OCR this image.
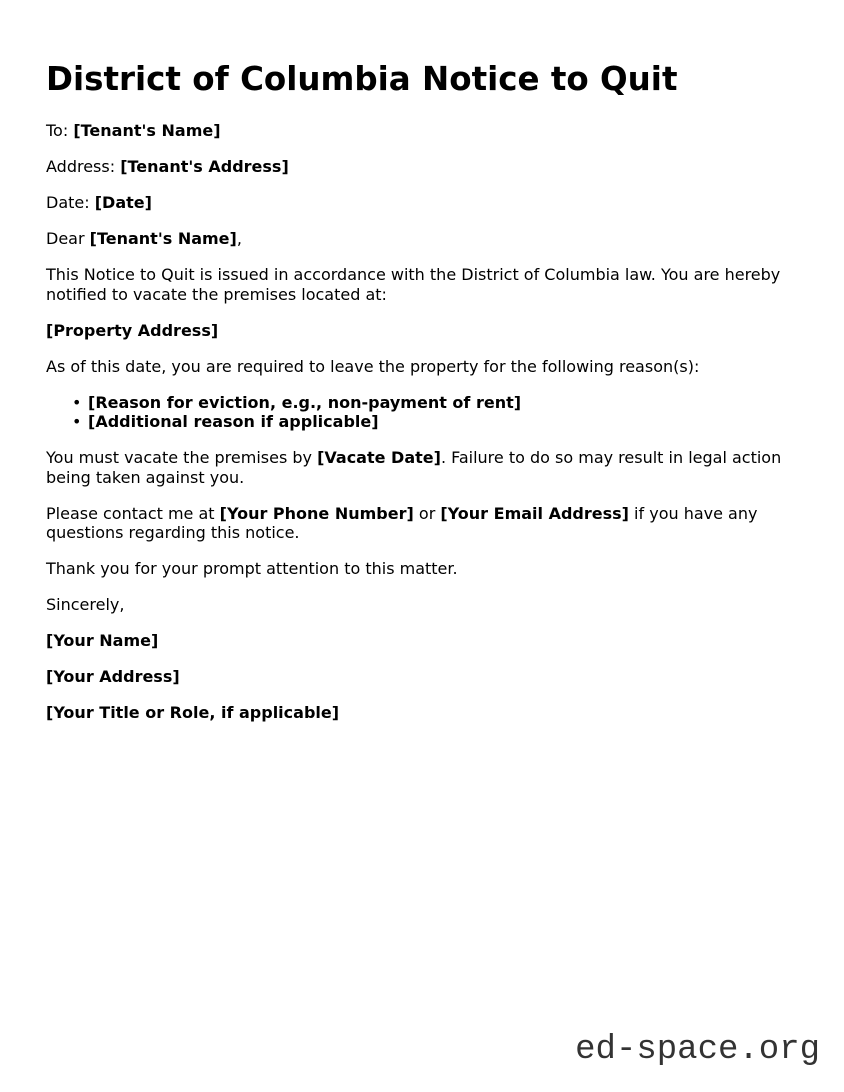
District of Columbia Notice to Quit

To: [Tenant's Name]

Address: [Tenant's Address]

Date: [Date]

Dear [Tenant's Name],

This Notice to Quit is issued in accordance with the District of Columbia law. You are hereby notified to vacate the premises located at:

[Property Address]

As of this date, you are required to leave the property for the following reason(s):

• [Reason for eviction, e.g., non-payment of rent]
• [Additional reason if applicable]

You must vacate the premises by [Vacate Date]. Failure to do so may result in legal action being taken against you.

Please contact me at [Your Phone Number] or [Your Email Address] if you have any questions regarding this notice.

Thank you for your prompt attention to this matter.

Sincerely,

[Your Name]

[Your Address]

[Your Title or Role, if applicable]

ed-space.org
